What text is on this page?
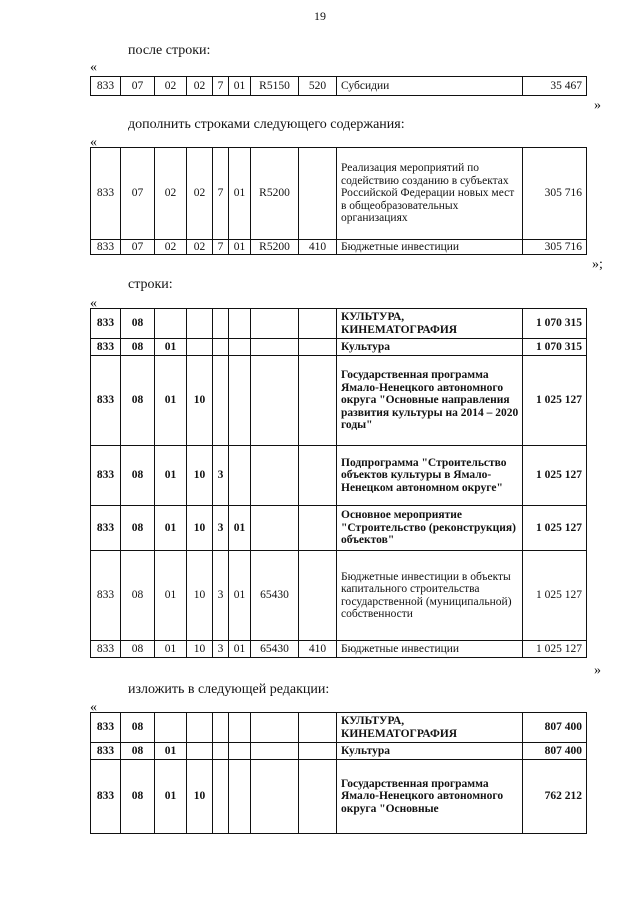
19
после строки:
«
833	07	02	02	7	01	R5150	520	Субсидии	35 467
»
дополнить строками следующего содержания:
«
833	07	02	02	7	01	R5200		Реализация мероприятий по содействию созданию в субъектах Российской Федерации новых мест в общеобразовательных организациях	305 716
833	07	02	02	7	01	R5200	410	Бюджетные инвестиции	305 716
»;
строки:
«
833	08							КУЛЬТУРА, КИНЕМАТОГРАФИЯ	1 070 315
833	08	01						Культура	1 070 315
833	08	01	10					Государственная программа Ямало-Ненецкого автономного округа "Основные направления развития культуры на 2014 – 2020 годы"	1 025 127
833	08	01	10	3				Подпрограмма "Строительство объектов культуры в Ямало-Ненецком автономном округе"	1 025 127
833	08	01	10	3	01			Основное мероприятие "Строительство (реконструкция) объектов"	1 025 127
833	08	01	10	3	01	65430		Бюджетные инвестиции в объекты капитального строительства государственной (муниципальной) собственности	1 025 127
833	08	01	10	3	01	65430	410	Бюджетные инвестиции	1 025 127
»
изложить в следующей редакции:
«
833	08							КУЛЬТУРА, КИНЕМАТОГРАФИЯ	807 400
833	08	01						Культура	807 400
833	08	01	10					Государственная программа Ямало-Ненецкого автономного округа "Основные	762 212
